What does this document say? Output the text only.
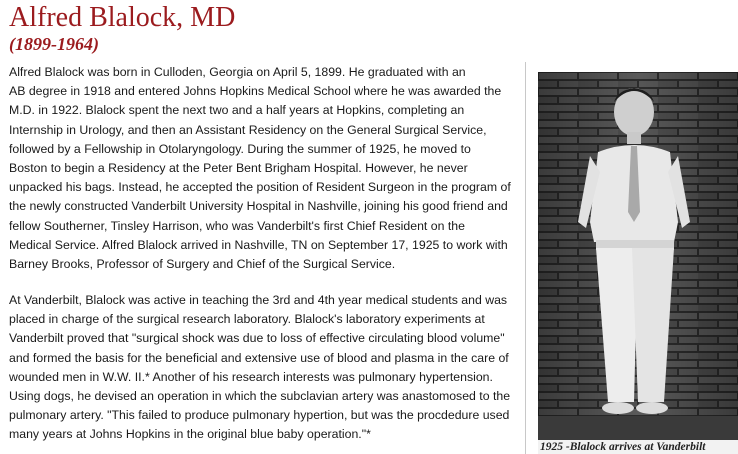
Alfred Blalock, MD
(1899-1964)

Alfred Blalock was born in Culloden, Georgia on April 5, 1899. He graduated with an
AB degree in 1918 and entered Johns Hopkins Medical School where he was awarded the
M.D. in 1922. Blalock spent the next two and a half years at Hopkins, completing an
Internship in Urology, and then an Assistant Residency on the General Surgical Service,
followed by a Fellowship in Otolaryngology. During the summer of 1925, he moved to
Boston to begin a Residency at the Peter Bent Brigham Hospital. However, he never
unpacked his bags. Instead, he accepted the position of Resident Surgeon in the program of
the newly constructed Vanderbilt University Hospital in Nashville, joining his good friend and
fellow Southerner, Tinsley Harrison, who was Vanderbilt's first Chief Resident on the
Medical Service. Alfred Blalock arrived in Nashville, TN on September 17, 1925 to work with
Barney Brooks, Professor of Surgery and Chief of the Surgical Service.

At Vanderbilt, Blalock was active in teaching the 3rd and 4th year medical students and was
placed in charge of the surgical research laboratory. Blalock's laboratory experiments at
Vanderbilt proved that "surgical shock was due to loss of effective circulating blood volume"
and formed the basis for the beneficial and extensive use of blood and plasma in the care of
wounded men in W.W. II.* Another of his research interests was pulmonary hypertension.
Using dogs, he devised an operation in which the subclavian artery was anastomosed to the
pulmonary artery. "This failed to produce pulmonary hypertion, but was the procdedure used
many years at Johns Hopkins in the original blue baby operation."*

1925 -Blalock arrives at Vanderbilt
